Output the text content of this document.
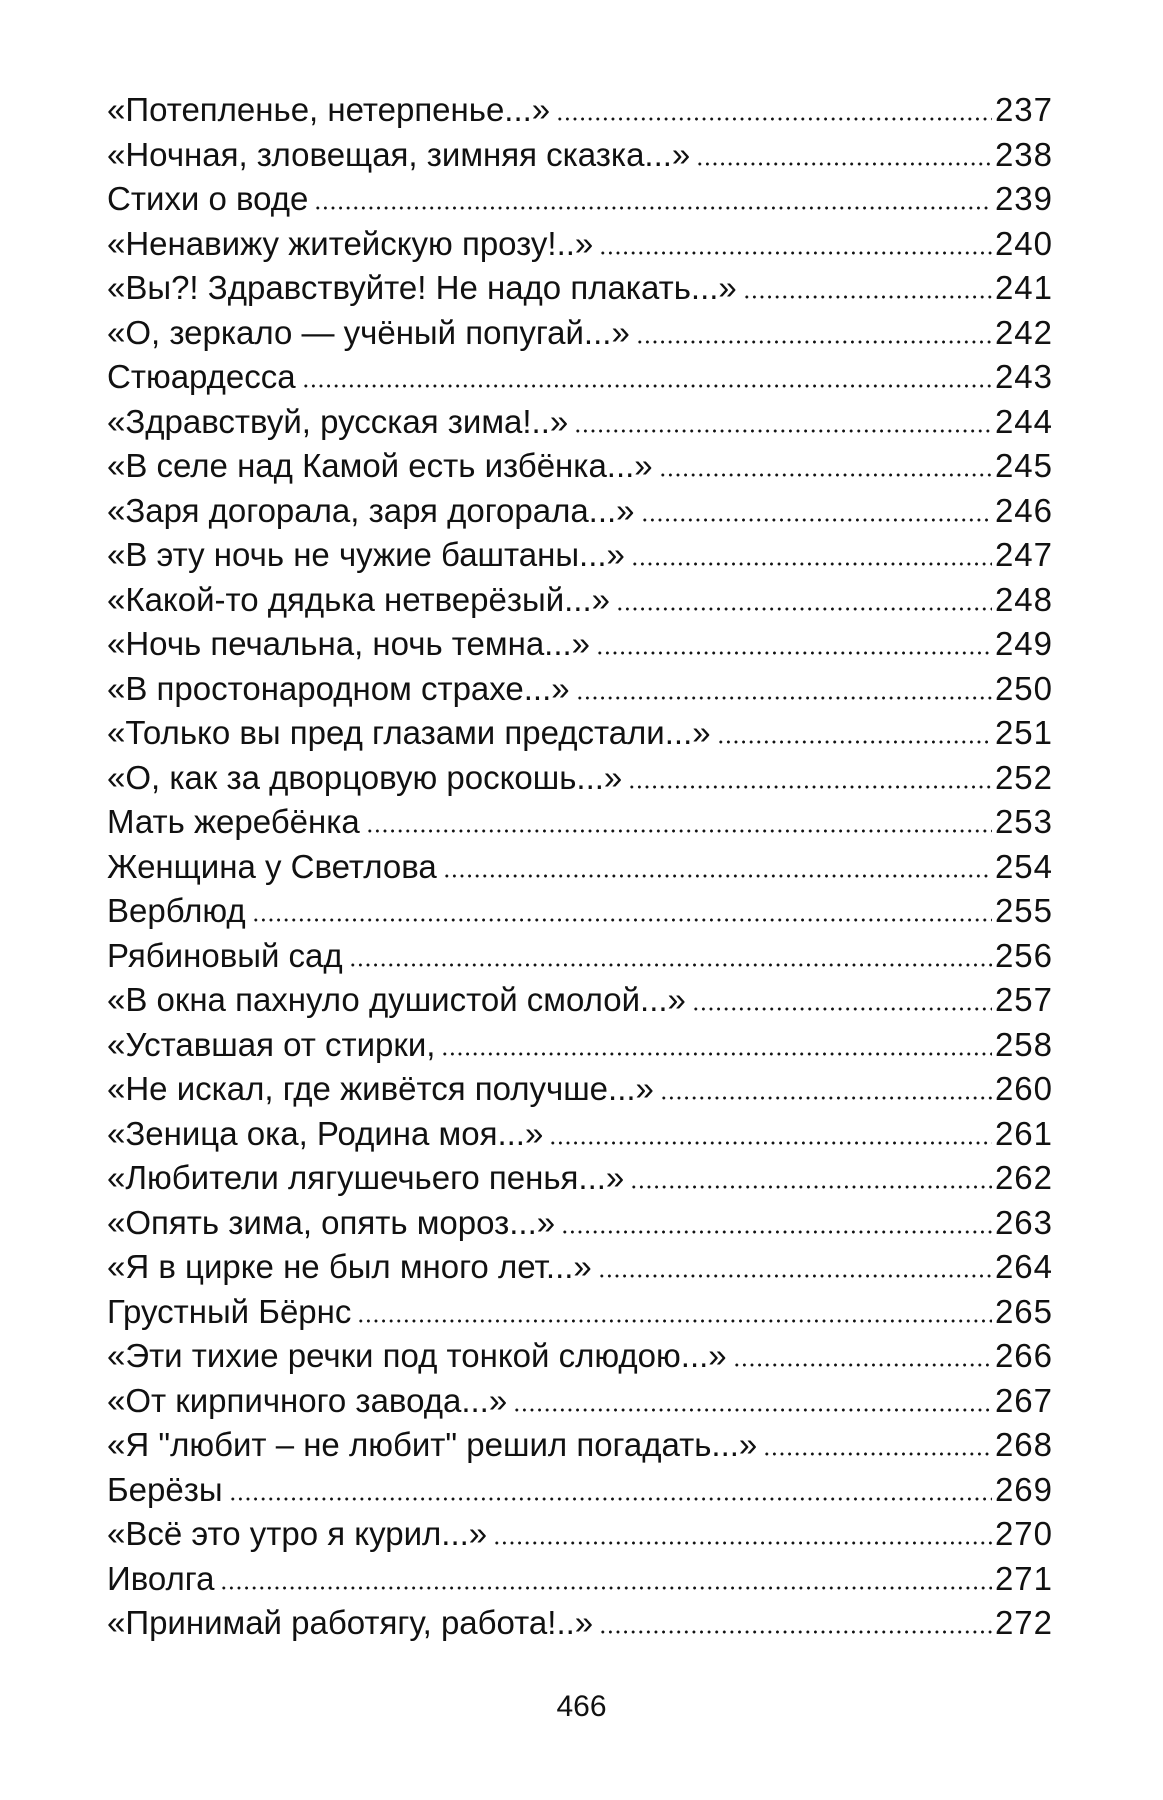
«Потепленье, нетерпенье...»	237
«Ночная, зловещая, зимняя сказка...»	238
Стихи о воде	239
«Ненавижу житейскую прозу!..»	240
«Вы?! Здравствуйте! Не надо плакать...»	241
«О, зеркало — учёный попугай...»	242
Стюардесса	243
«Здравствуй, русская зима!..»	244
«В селе над Камой есть избёнка...»	245
«Заря догорала, заря догорала...»	246
«В эту ночь не чужие баштаны...»	247
«Какой-то дядька нетверёзый...»	248
«Ночь печальна, ночь темна...»	249
«В простонародном страхе...»	250
«Только вы пред глазами предстали...»	251
«О, как за дворцовую роскошь...»	252
Мать жеребёнка	253
Женщина у Светлова	254
Верблюд	255
Рябиновый сад	256
«В окна пахнуло душистой смолой...»	257
«Уставшая от стирки,	258
«Не искал, где живётся получше...»	260
«Зеница ока, Родина моя...»	261
«Любители лягушечьего пенья...»	262
«Опять зима, опять мороз...»	263
«Я в цирке не был много лет...»	264
Грустный Бёрнс	265
«Эти тихие речки под тонкой слюдою...»	266
«От кирпичного завода...»	267
«Я "любит – не любит" решил погадать...»	268
Берёзы	269
«Всё это утро я курил...»	270
Иволга	271
«Принимай работягу, работа!..»	272
466
